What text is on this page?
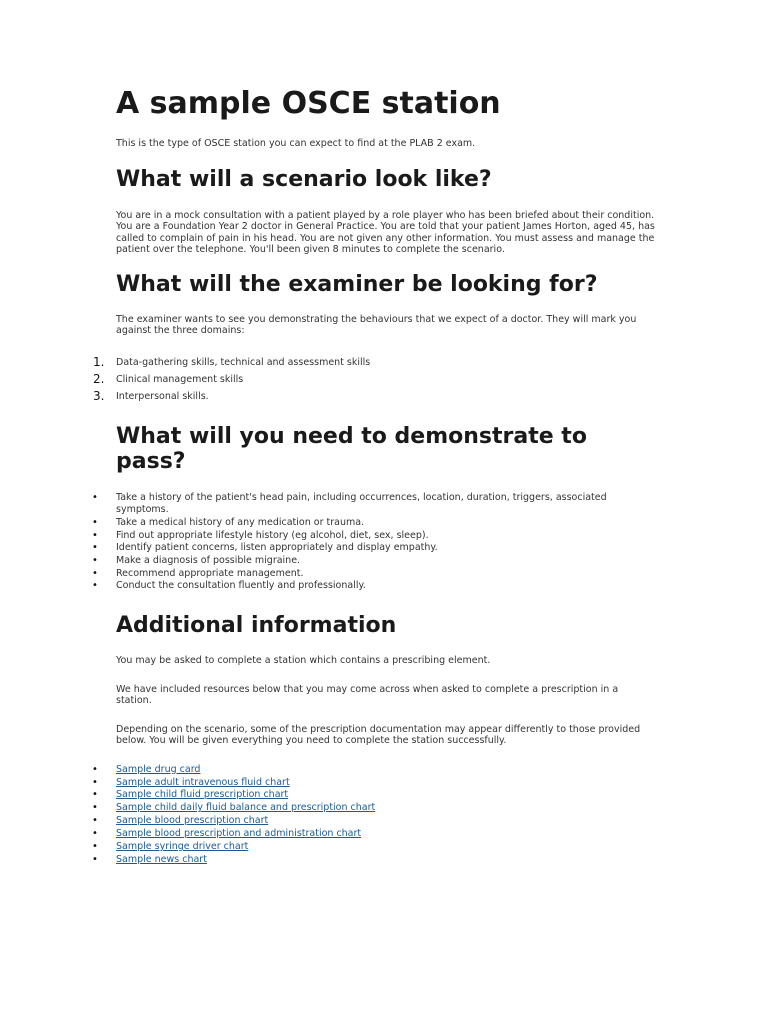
A sample OSCE station

This is the type of OSCE station you can expect to find at the PLAB 2 exam.

What will a scenario look like?

You are in a mock consultation with a patient played by a role player who has been briefed about their condition. You are a Foundation Year 2 doctor in General Practice. You are told that your patient James Horton, aged 45, has called to complain of pain in his head. You are not given any other information. You must assess and manage the patient over the telephone. You'll been given 8 minutes to complete the scenario.

What will the examiner be looking for?

The examiner wants to see you demonstrating the behaviours that we expect of a doctor. They will mark you against the three domains:

1. Data-gathering skills, technical and assessment skills
2. Clinical management skills
3. Interpersonal skills.
What will you need to demonstrate to pass?
• Take a history of the patient's head pain, including occurrences, location, duration, triggers, associated symptoms.
• Take a medical history of any medication or trauma.
• Find out appropriate lifestyle history (eg alcohol, diet, sex, sleep).
• Identify patient concerns, listen appropriately and display empathy.
• Make a diagnosis of possible migraine.
• Recommend appropriate management.
• Conduct the consultation fluently and professionally.
Additional information

You may be asked to complete a station which contains a prescribing element.

We have included resources below that you may come across when asked to complete a prescription in a station.

Depending on the scenario, some of the prescription documentation may appear differently to those provided below. You will be given everything you need to complete the station successfully.

• Sample drug card
• Sample adult intravenous fluid chart
• Sample child fluid prescription chart
• Sample child daily fluid balance and prescription chart
• Sample blood prescription chart
• Sample blood prescription and administration chart
• Sample syringe driver chart
• Sample news chart
